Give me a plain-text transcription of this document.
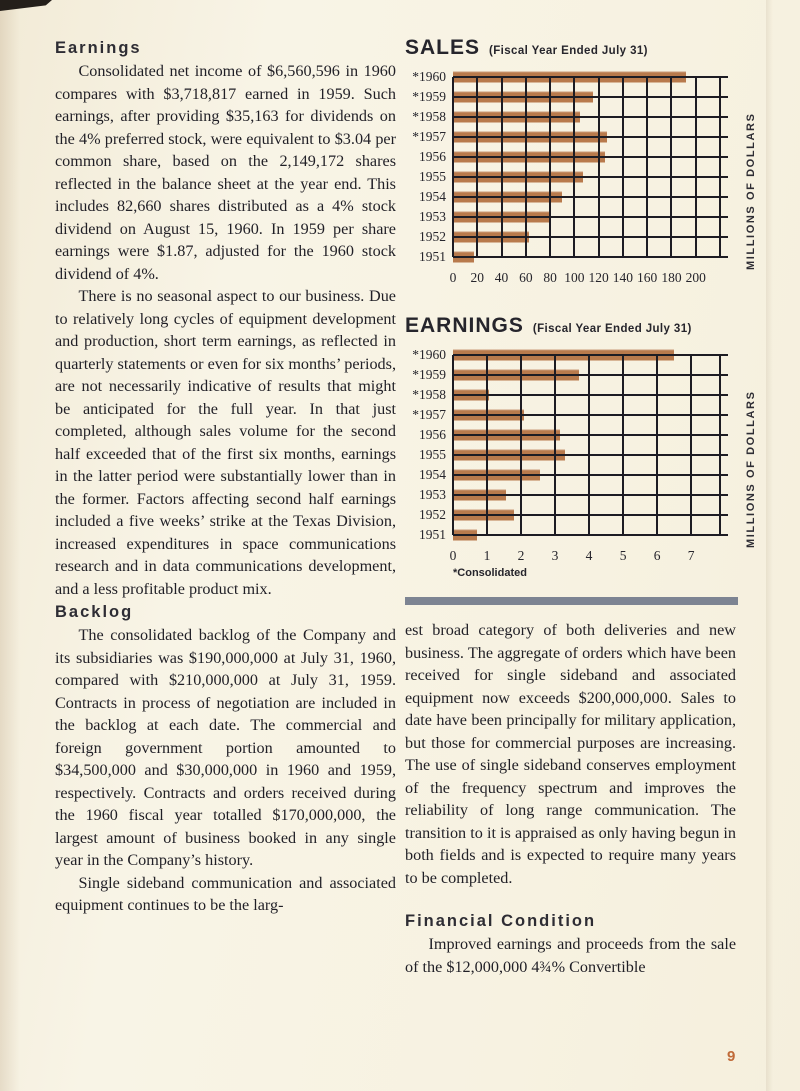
Earnings

Consolidated net income of $6,560,596 in 1960 compares with $3,718,817 earned in 1959. Such earnings, after providing $35,163 for dividends on the 4% preferred stock, were equivalent to $3.04 per common share, based on the 2,149,172 shares reflected in the balance sheet at the year end. This includes 82,660 shares distributed as a 4% stock dividend on August 15, 1960. In 1959 per share earnings were $1.87, adjusted for the 1960 stock dividend of 4%.

There is no seasonal aspect to our business. Due to relatively long cycles of equipment development and production, short term earnings, as reflected in quarterly statements or even for six months’ periods, are not necessarily indicative of results that might be anticipated for the full year. In that just completed, although sales volume for the second half exceeded that of the first six months, earnings in the latter period were substantially lower than in the former. Factors affecting second half earnings included a five weeks’ strike at the Texas Division, increased expenditures in space communications research and in data communications development, and a less profitable product mix.

Backlog

The consolidated backlog of the Company and its subsidiaries was $190,000,000 at July 31, 1960, compared with $210,000,000 at July 31, 1959. Contracts in process of negotiation are included in the backlog at each date. The commercial and foreign government portion amounted to $34,500,000 and $30,000,000 in 1960 and 1959, respectively. Contracts and orders received during the 1960 fiscal year totalled $170,000,000, the largest amount of business booked in any single year in the Company’s history.

Single sideband communication and associated equipment continues to be the larg-

SALES (Fiscal Year Ended July 31)
*1960
*1959
*1958
*1957
1956
1955
1954
1953
1952
1951
0 20 40 60 80 100 120 140 160 180 200
MILLIONS OF DOLLARS
EARNINGS (Fiscal Year Ended July 31)
*1960
*1959
*1958
*1957
1956
1955
1954
1953
1952
1951
0 1 2 3 4 5 6 7
*Consolidated
MILLIONS OF DOLLARS

est broad category of both deliveries and new business. The aggregate of orders which have been received for single sideband and associated equipment now exceeds $200,000,000. Sales to date have been principally for military application, but those for commercial purposes are increasing. The use of single sideband conserves employment of the frequency spectrum and improves the reliability of long range communication. The transition to it is appraised as only having begun in both fields and is expected to require many years to be completed.

Financial Condition

Improved earnings and proceeds from the sale of the $12,000,000 4¾% Convertible

9
